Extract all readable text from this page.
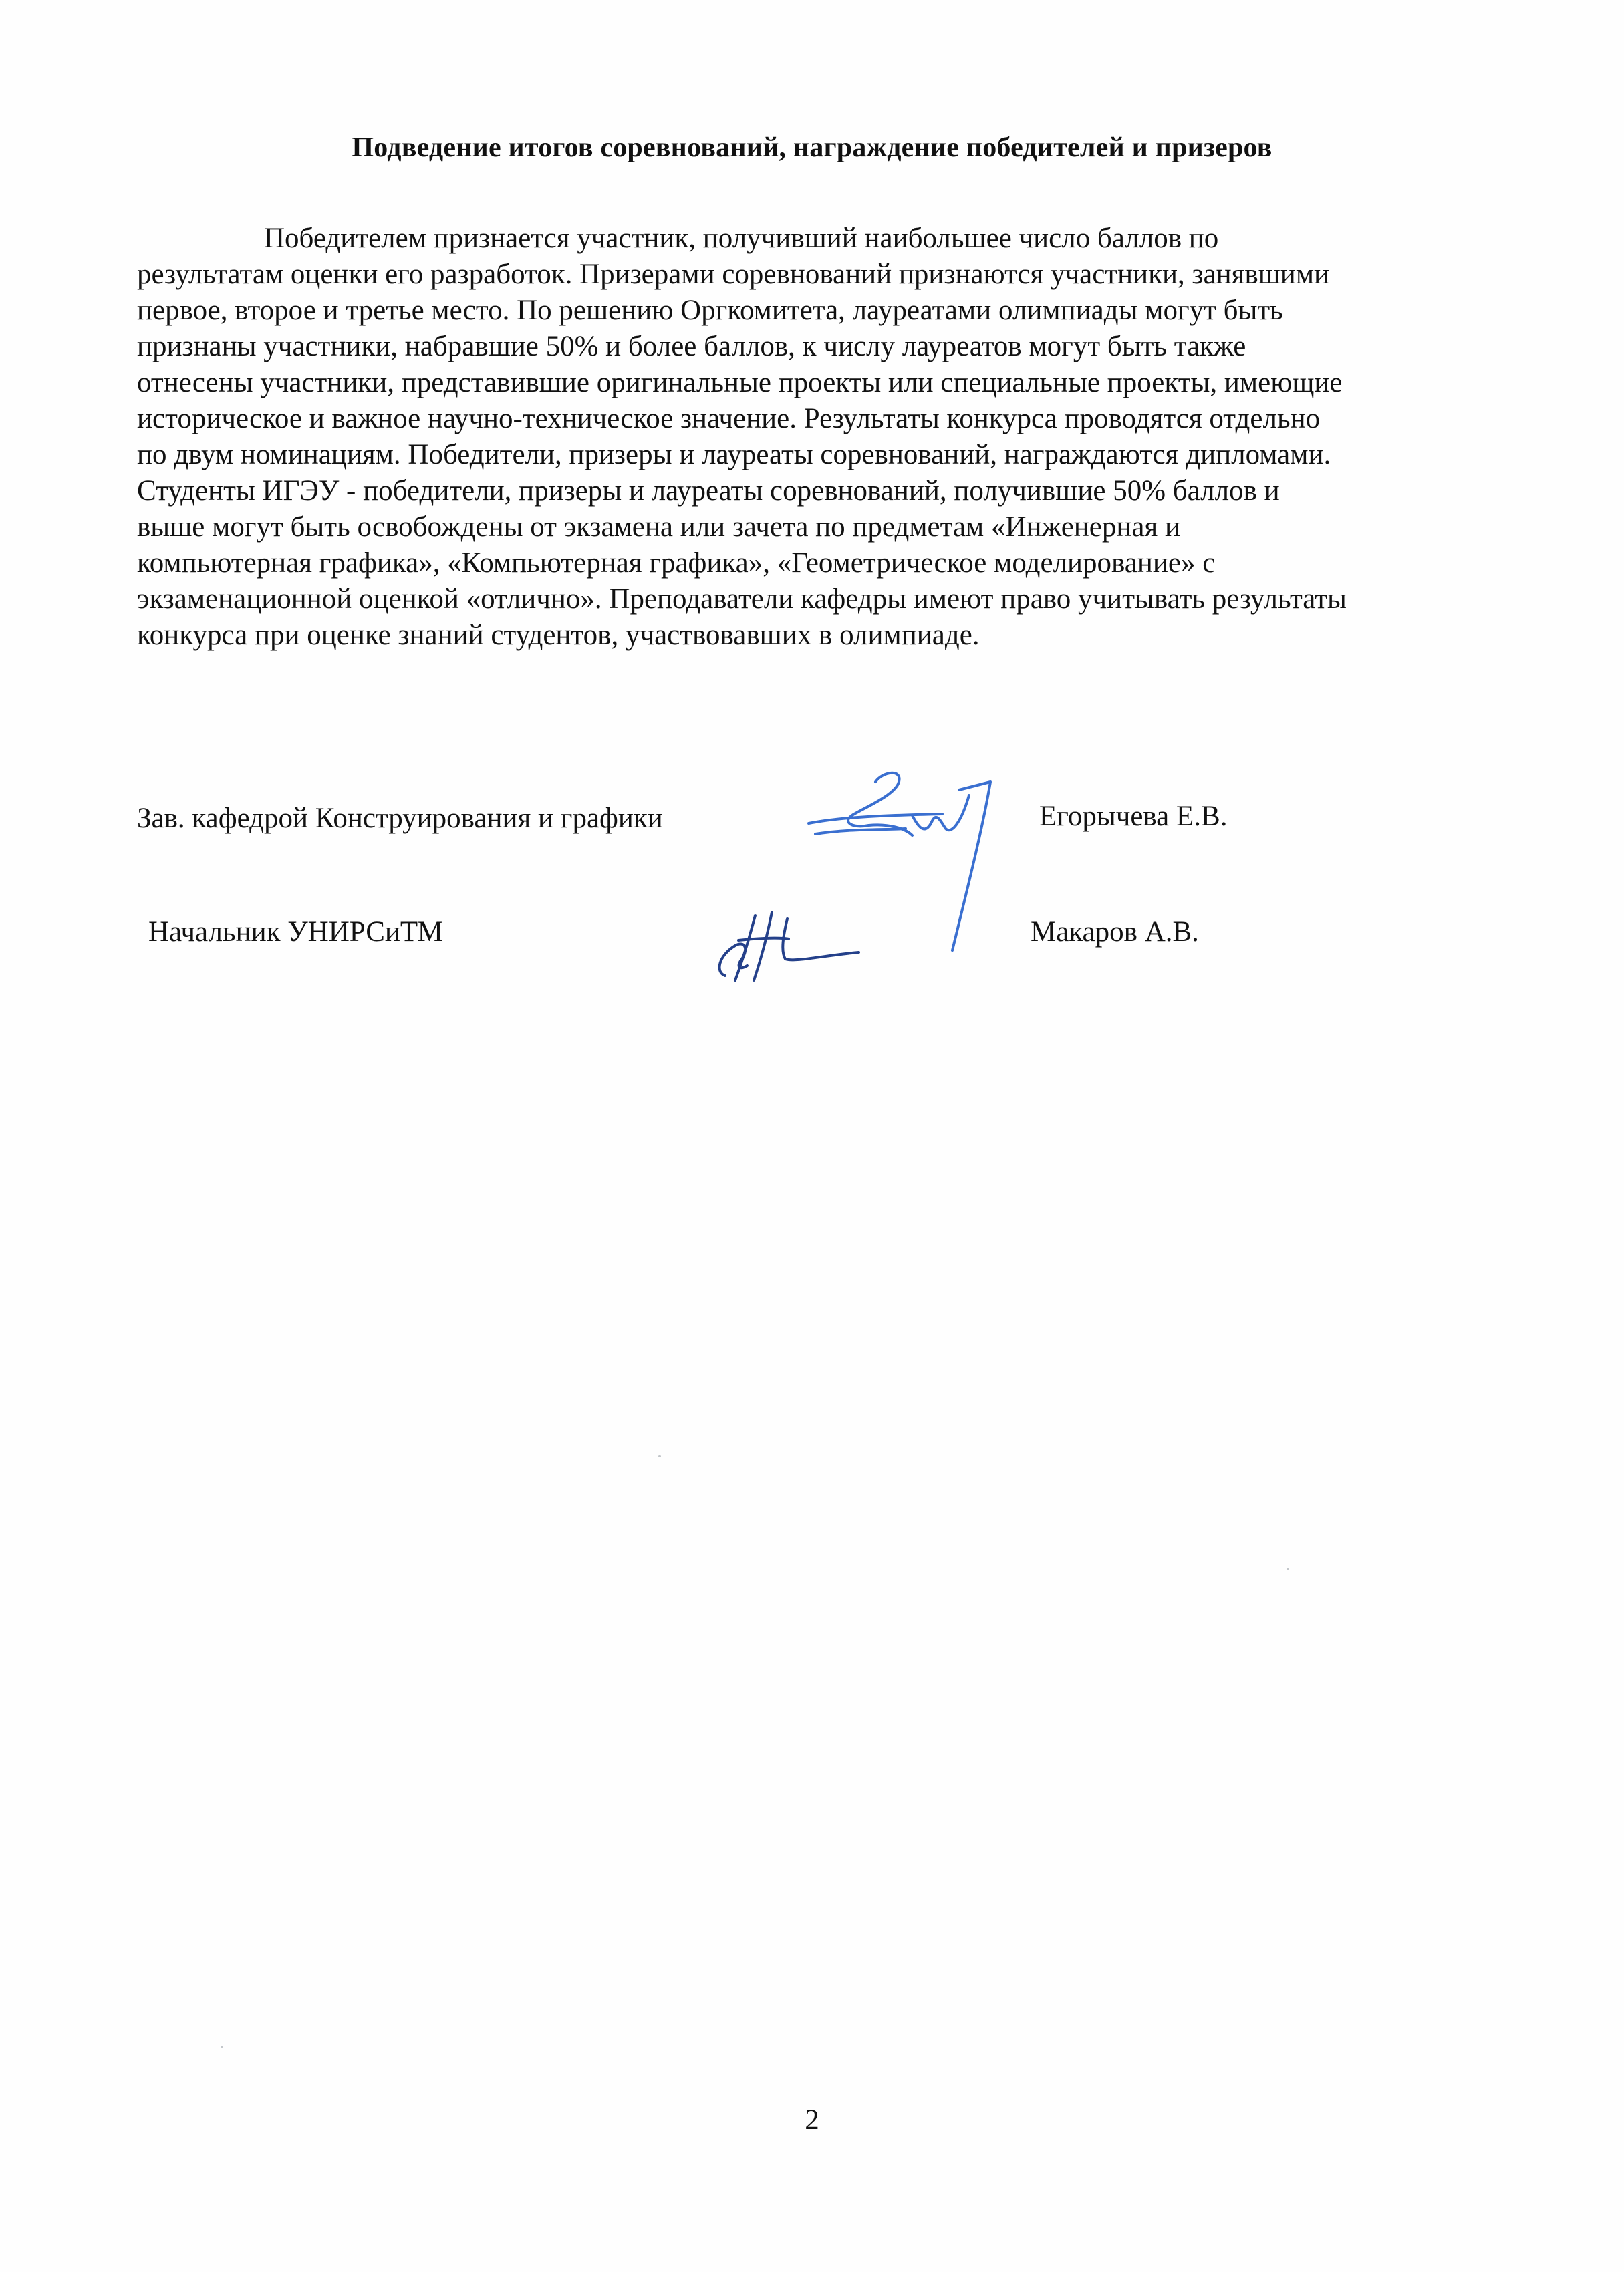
Подведение итогов соревнований, награждение победителей и призеров

Победителем признается участник, получивший наибольшее число баллов по

результатам оценки его разработок. Призерами соревнований признаются участники, занявшими

первое, второе и третье место. По решению Оргкомитета, лауреатами олимпиады могут быть

признаны участники, набравшие 50% и более баллов, к числу лауреатов могут быть также

отнесены участники, представившие оригинальные проекты или специальные проекты, имеющие

историческое и важное научно-техническое значение. Результаты конкурса проводятся отдельно

по двум номинациям. Победители, призеры и лауреаты соревнований, награждаются дипломами.

Студенты ИГЭУ - победители, призеры и лауреаты соревнований, получившие 50% баллов и

выше могут быть освобождены от экзамена или зачета по предметам «Инженерная и

компьютерная графика», «Компьютерная графика», «Геометрическое моделирование» с

экзаменационной оценкой «отлично». Преподаватели кафедры имеют право учитывать результаты

конкурса при оценке знаний студентов, участвовавших в олимпиаде.

Зав. кафедрой Конструирования и графики	Егорычева Е.В.
Начальник УНИРСиТМ	Макаров А.В.
2
